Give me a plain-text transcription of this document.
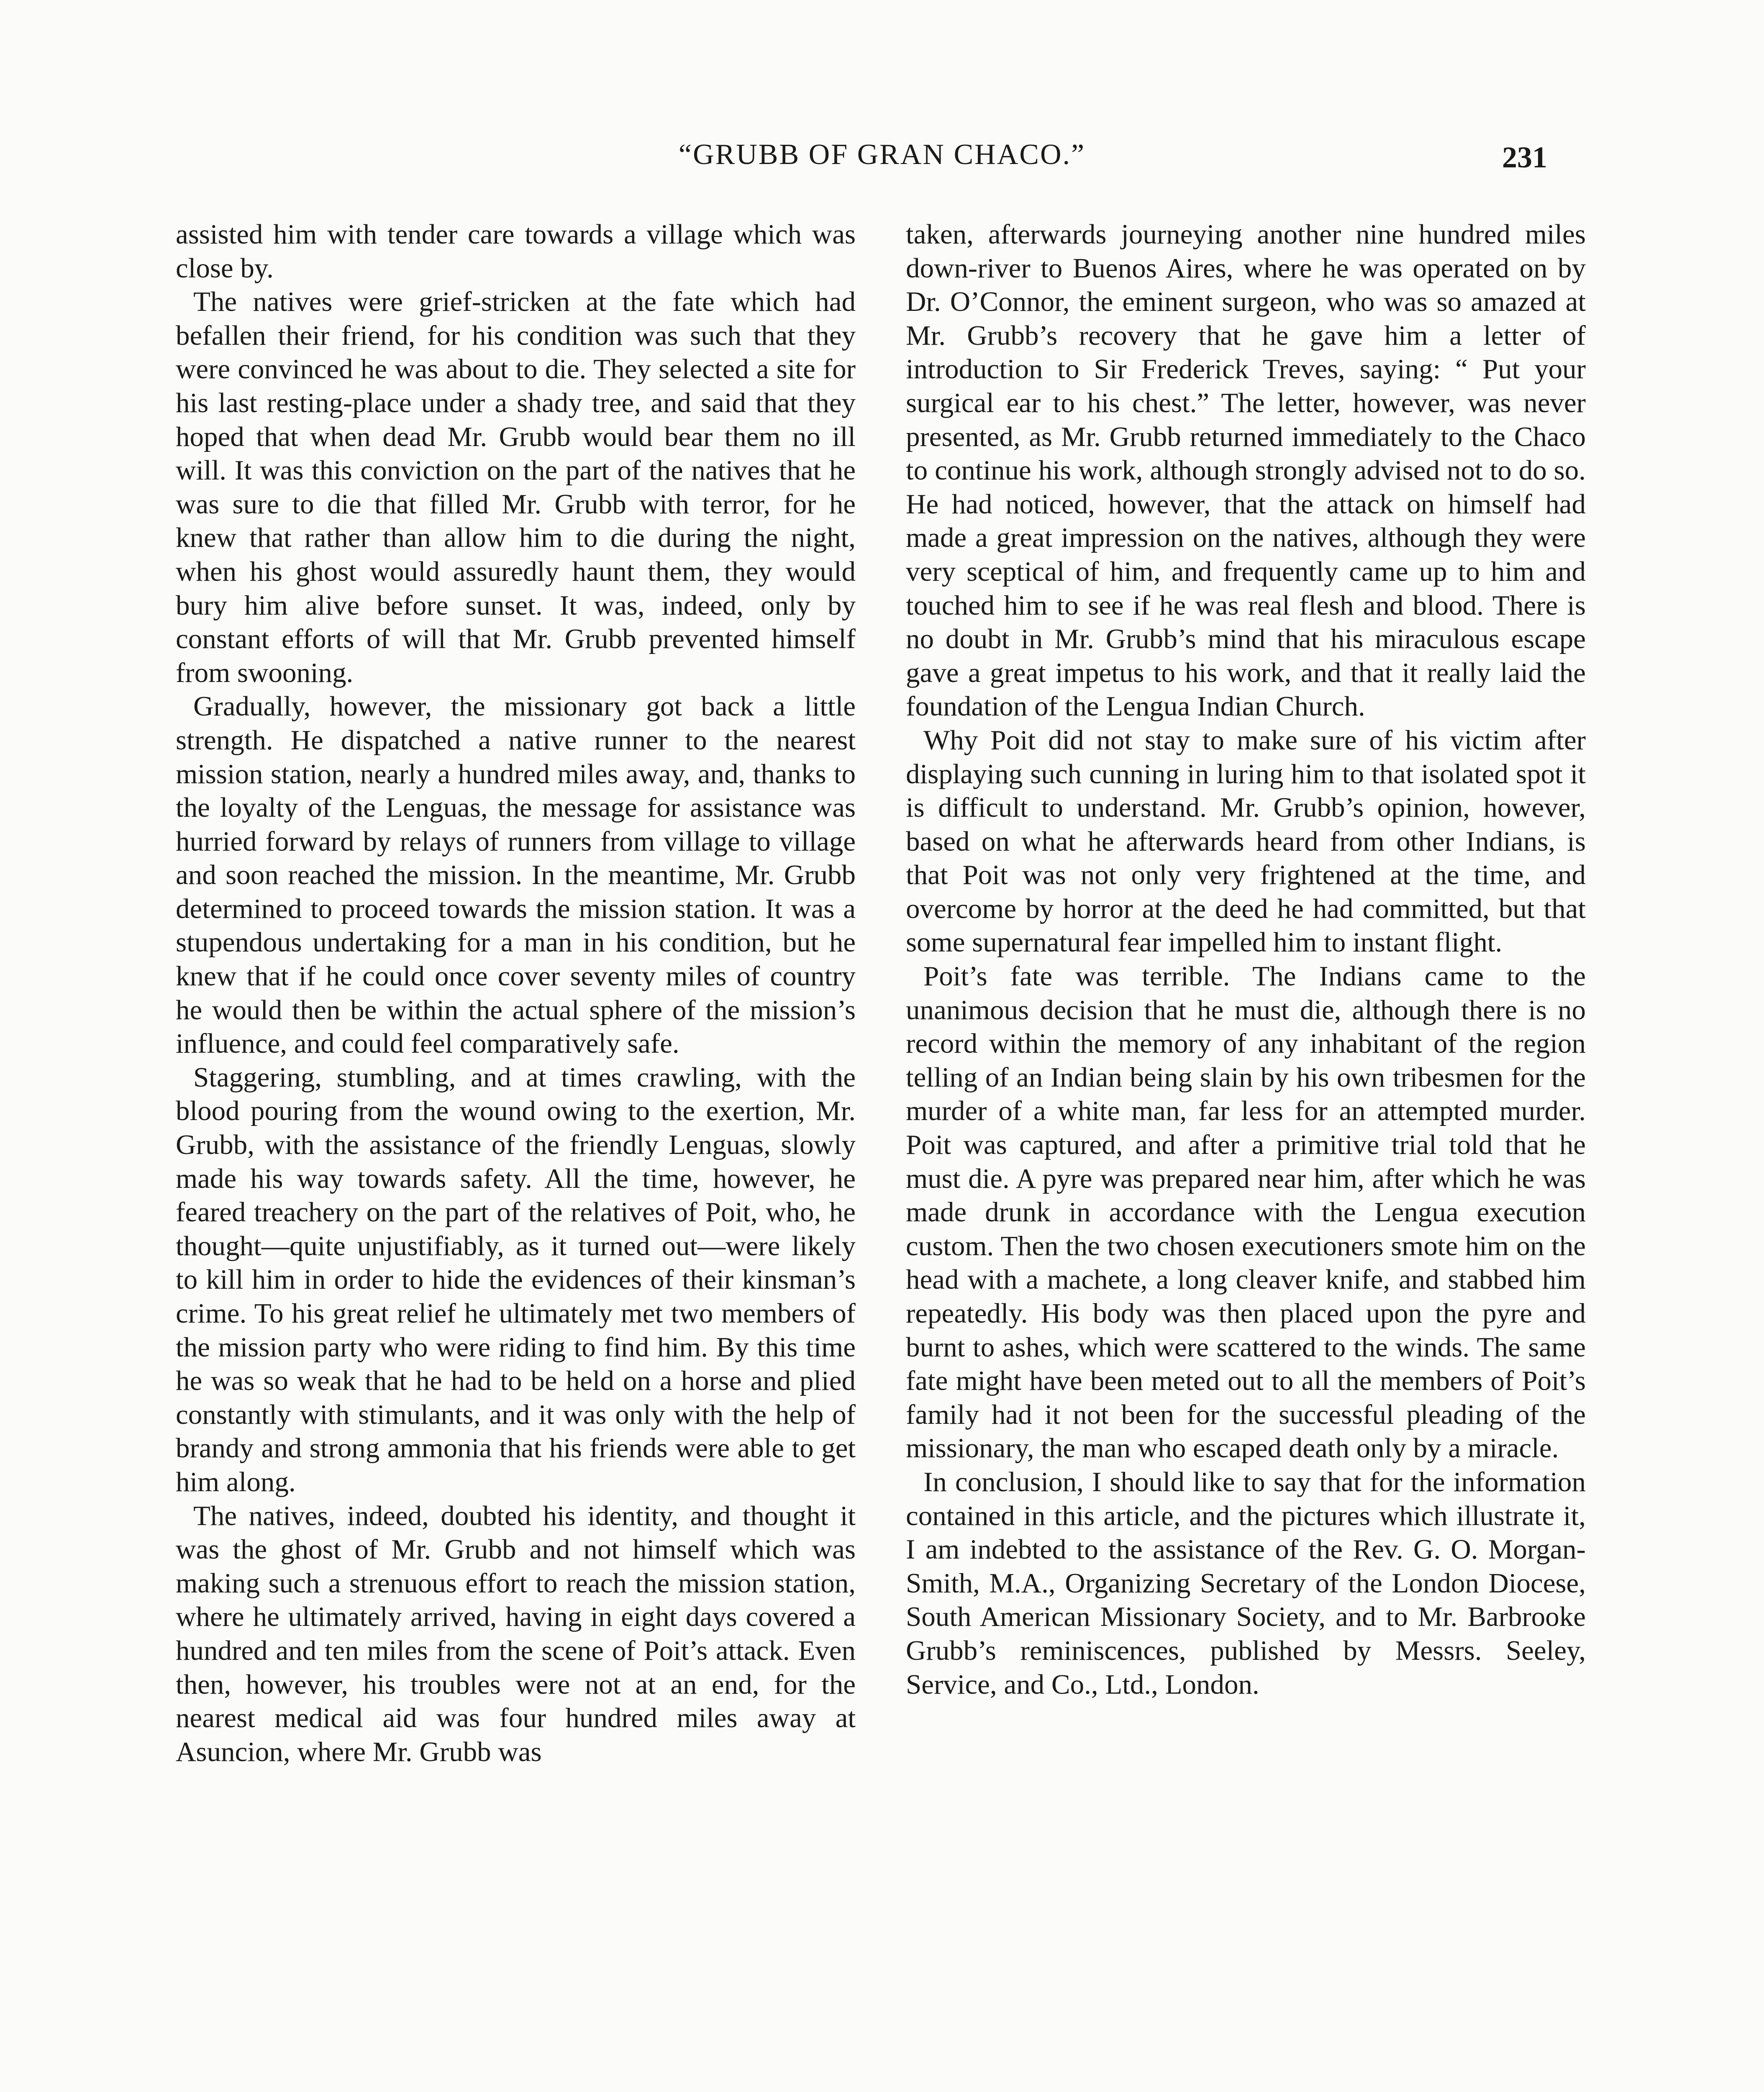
“GRUBB OF GRAN CHACO.”	231

assisted him with tender care towards a village which was close by.

The natives were grief-stricken at the fate which had befallen their friend, for his condition was such that they were convinced he was about to die. They selected a site for his last resting-place under a shady tree, and said that they hoped that when dead Mr. Grubb would bear them no ill will. It was this conviction on the part of the natives that he was sure to die that filled Mr. Grubb with terror, for he knew that rather than allow him to die during the night, when his ghost would assuredly haunt them, they would bury him alive before sunset. It was, indeed, only by constant efforts of will that Mr. Grubb prevented himself from swooning.

Gradually, however, the missionary got back a little strength. He dispatched a native runner to the nearest mission station, nearly a hundred miles away, and, thanks to the loyalty of the Lenguas, the message for assistance was hurried forward by relays of runners from village to village and soon reached the mission. In the meantime, Mr. Grubb determined to proceed towards the mission station. It was a stupendous undertaking for a man in his condition, but he knew that if he could once cover seventy miles of country he would then be within the actual sphere of the mission’s influence, and could feel comparatively safe.

Staggering, stumbling, and at times crawling, with the blood pouring from the wound owing to the exertion, Mr. Grubb, with the assistance of the friendly Lenguas, slowly made his way towards safety. All the time, however, he feared treachery on the part of the relatives of Poit, who, he thought—quite unjustifiably, as it turned out—were likely to kill him in order to hide the evidences of their kinsman’s crime. To his great relief he ultimately met two members of the mission party who were riding to find him. By this time he was so weak that he had to be held on a horse and plied constantly with stimulants, and it was only with the help of brandy and strong ammonia that his friends were able to get him along.

The natives, indeed, doubted his identity, and thought it was the ghost of Mr. Grubb and not himself which was making such a strenuous effort to reach the mission station, where he ultimately arrived, having in eight days covered a hundred and ten miles from the scene of Poit’s attack. Even then, however, his troubles were not at an end, for the nearest medical aid was four hundred miles away at Asuncion, where Mr. Grubb was

taken, afterwards journeying another nine hundred miles down-river to Buenos Aires, where he was operated on by Dr. O’Connor, the eminent surgeon, who was so amazed at Mr. Grubb’s recovery that he gave him a letter of introduction to Sir Frederick Treves, saying: “ Put your surgical ear to his chest.” The letter, however, was never presented, as Mr. Grubb returned immediately to the Chaco to continue his work, although strongly advised not to do so. He had noticed, however, that the attack on himself had made a great impression on the natives, although they were very sceptical of him, and frequently came up to him and touched him to see if he was real flesh and blood. There is no doubt in Mr. Grubb’s mind that his miraculous escape gave a great impetus to his work, and that it really laid the foundation of the Lengua Indian Church.

Why Poit did not stay to make sure of his victim after displaying such cunning in luring him to that isolated spot it is difficult to understand. Mr. Grubb’s opinion, however, based on what he afterwards heard from other Indians, is that Poit was not only very frightened at the time, and overcome by horror at the deed he had committed, but that some supernatural fear impelled him to instant flight.

Poit’s fate was terrible. The Indians came to the unanimous decision that he must die, although there is no record within the memory of any inhabitant of the region telling of an Indian being slain by his own tribesmen for the murder of a white man, far less for an attempted murder. Poit was captured, and after a primitive trial told that he must die. A pyre was prepared near him, after which he was made drunk in accordance with the Lengua execution custom. Then the two chosen executioners smote him on the head with a machete, a long cleaver knife, and stabbed him repeatedly. His body was then placed upon the pyre and burnt to ashes, which were scattered to the winds. The same fate might have been meted out to all the members of Poit’s family had it not been for the successful pleading of the missionary, the man who escaped death only by a miracle.

In conclusion, I should like to say that for the information contained in this article, and the pictures which illustrate it, I am indebted to the assistance of the Rev. G. O. Morgan-Smith, M.A., Organizing Secretary of the London Diocese, South American Missionary Society, and to Mr. Barbrooke Grubb’s reminiscences, published by Messrs. Seeley, Service, and Co., Ltd., London.
